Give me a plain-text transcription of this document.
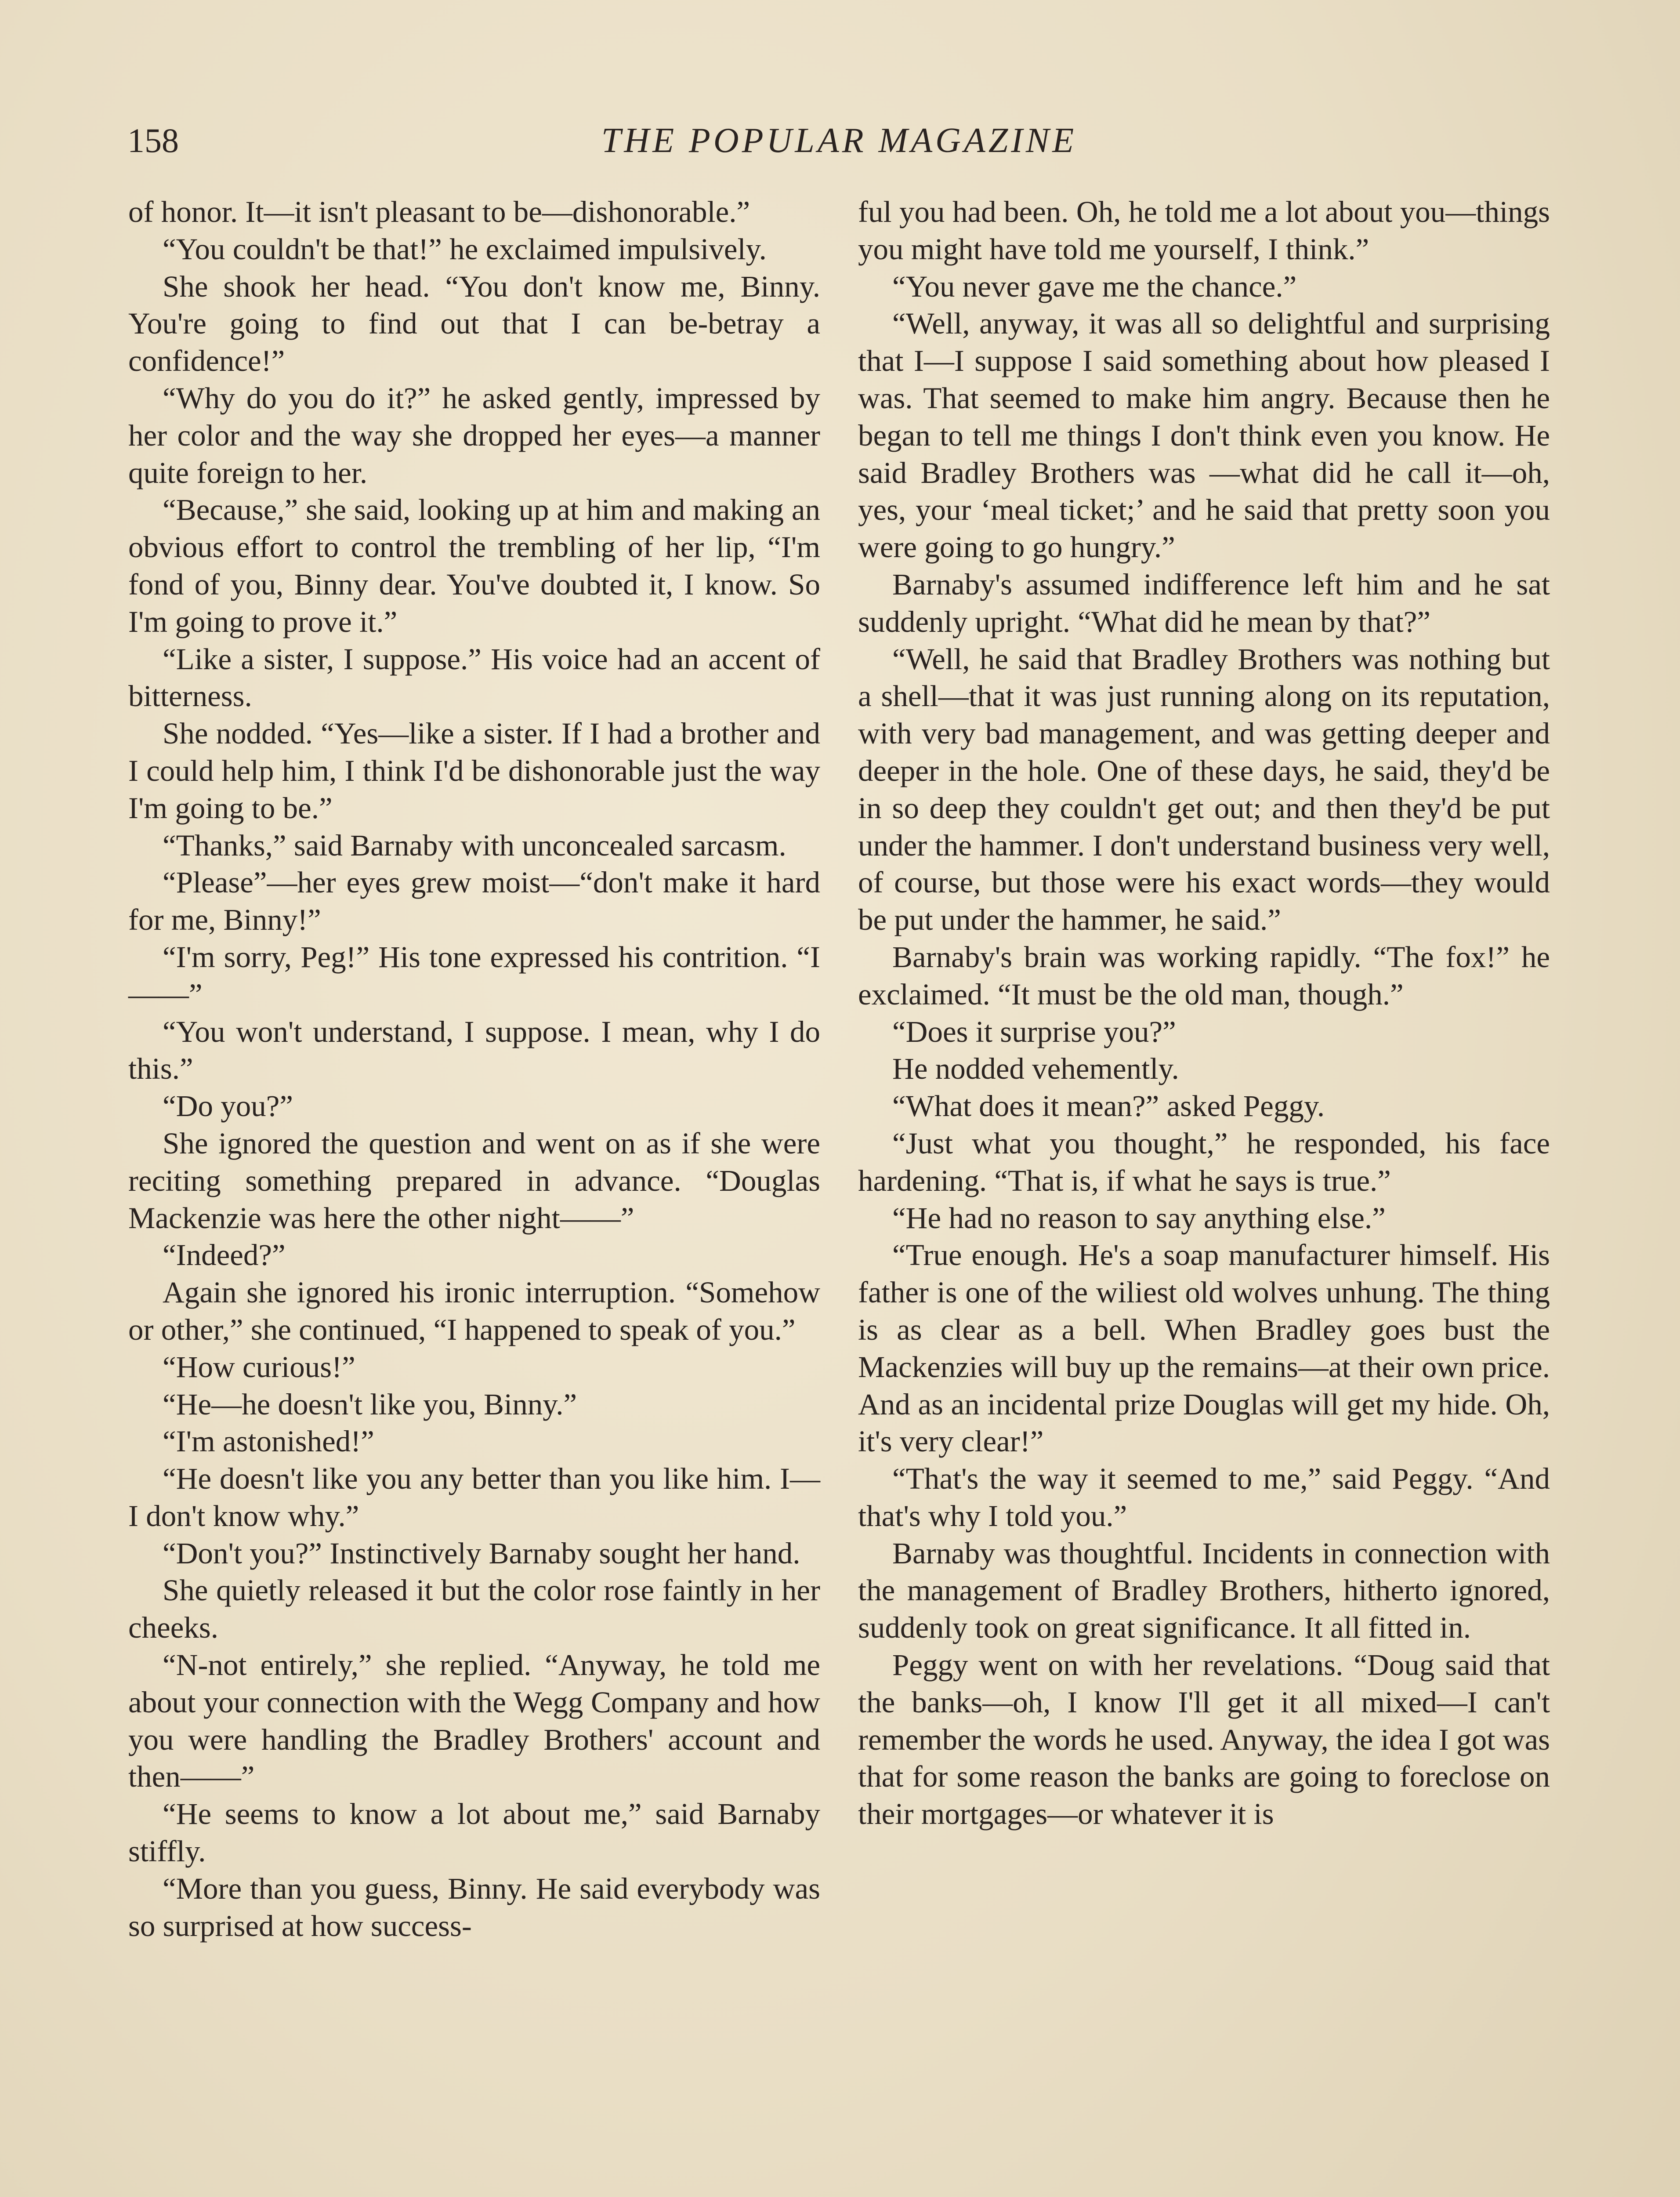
158	THE POPULAR MAGAZINE

of honor. It—it isn't pleasant to be—dishonorable.”

“You couldn't be that!” he exclaimed impulsively.

She shook her head. “You don't know me, Binny. You're going to find out that I can be-betray a confidence!”

“Why do you do it?” he asked gently, impressed by her color and the way she dropped her eyes—a manner quite foreign to her.

“Because,” she said, looking up at him and making an obvious effort to control the trembling of her lip, “I'm fond of you, Binny dear. You've doubted it, I know. So I'm going to prove it.”

“Like a sister, I suppose.” His voice had an accent of bitterness.

She nodded. “Yes—like a sister. If I had a brother and I could help him, I think I'd be dishonorable just the way I'm going to be.”

“Thanks,” said Barnaby with unconcealed sarcasm.

“Please”—her eyes grew moist—“don't make it hard for me, Binny!”

“I'm sorry, Peg!” His tone expressed his contrition. “I——”

“You won't understand, I suppose. I mean, why I do this.”

“Do you?”

She ignored the question and went on as if she were reciting something prepared in advance. “Douglas Mackenzie was here the other night——”

“Indeed?”

Again she ignored his ironic interruption. “Somehow or other,” she continued, “I happened to speak of you.”

“How curious!”

“He—he doesn't like you, Binny.”

“I'm astonished!”

“He doesn't like you any better than you like him. I—I don't know why.”

“Don't you?” Instinctively Barnaby sought her hand.

She quietly released it but the color rose faintly in her cheeks.

“N-not entirely,” she replied. “Anyway, he told me about your connection with the Wegg Company and how you were handling the Bradley Brothers' account and then——”

“He seems to know a lot about me,” said Barnaby stiffly.

“More than you guess, Binny. He said everybody was so surprised at how success-

ful you had been. Oh, he told me a lot about you—things you might have told me yourself, I think.”

“You never gave me the chance.”

“Well, anyway, it was all so delightful and surprising that I—I suppose I said something about how pleased I was. That seemed to make him angry. Because then he began to tell me things I don't think even you know. He said Bradley Brothers was —what did he call it—oh, yes, your ‘meal ticket;’ and he said that pretty soon you were going to go hungry.”

Barnaby's assumed indifference left him and he sat suddenly upright. “What did he mean by that?”

“Well, he said that Bradley Brothers was nothing but a shell—that it was just running along on its reputation, with very bad management, and was getting deeper and deeper in the hole. One of these days, he said, they'd be in so deep they couldn't get out; and then they'd be put under the hammer. I don't understand business very well, of course, but those were his exact words—they would be put under the hammer, he said.”

Barnaby's brain was working rapidly. “The fox!” he exclaimed. “It must be the old man, though.”

“Does it surprise you?”

He nodded vehemently.

“What does it mean?” asked Peggy.

“Just what you thought,” he responded, his face hardening. “That is, if what he says is true.”

“He had no reason to say anything else.”

“True enough. He's a soap manufacturer himself. His father is one of the wiliest old wolves unhung. The thing is as clear as a bell. When Bradley goes bust the Mackenzies will buy up the remains—at their own price. And as an incidental prize Douglas will get my hide. Oh, it's very clear!”

“That's the way it seemed to me,” said Peggy. “And that's why I told you.”

Barnaby was thoughtful. Incidents in connection with the management of Bradley Brothers, hitherto ignored, suddenly took on great significance. It all fitted in.

Peggy went on with her revelations. “Doug said that the banks—oh, I know I'll get it all mixed—I can't remember the words he used. Anyway, the idea I got was that for some reason the banks are going to foreclose on their mortgages—or whatever it is
